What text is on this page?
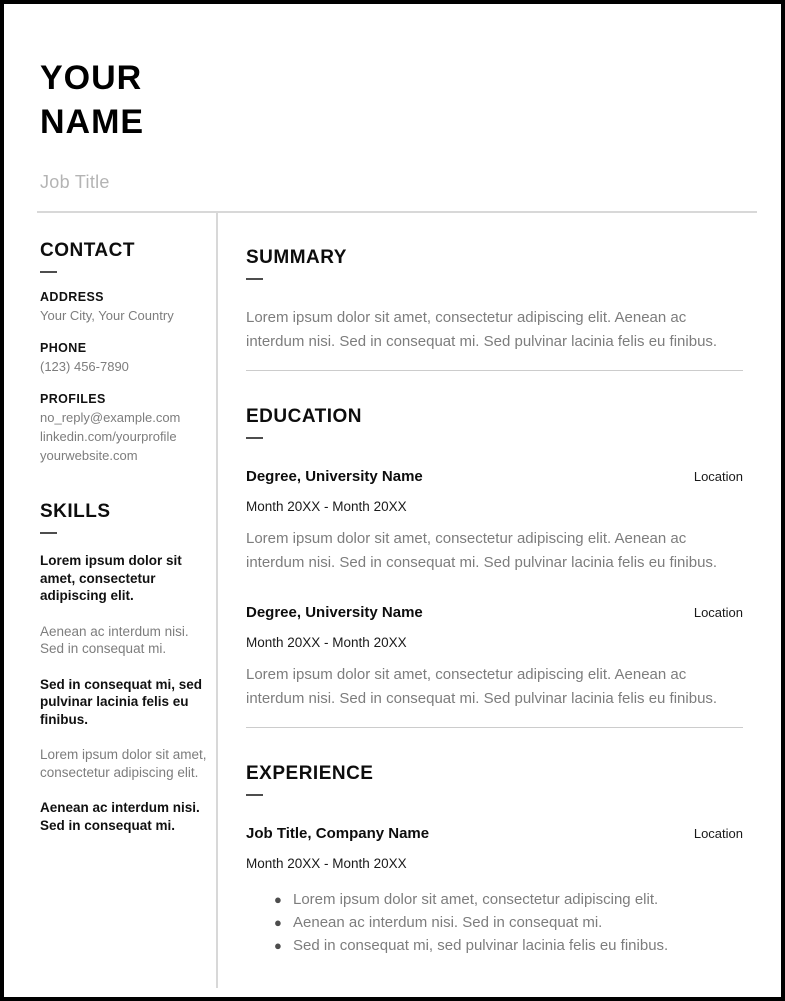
YOUR NAME
Job Title
CONTACT
ADDRESS
Your City, Your Country
PHONE
(123) 456-7890
PROFILES
no_reply@example.com
linkedin.com/yourprofile
yourwebsite.com
SKILLS
Lorem ipsum dolor sit amet, consectetur adipiscing elit.
Aenean ac interdum nisi. Sed in consequat mi.
Sed in consequat mi, sed pulvinar lacinia felis eu finibus.
Lorem ipsum dolor sit amet, consectetur adipiscing elit.
Aenean ac interdum nisi. Sed in consequat mi.
SUMMARY

Lorem ipsum dolor sit amet, consectetur adipiscing elit. Aenean ac interdum nisi. Sed in consequat mi. Sed pulvinar lacinia felis eu finibus.

EDUCATION
Degree, University Name	Location
Month 20XX - Month 20XX

Lorem ipsum dolor sit amet, consectetur adipiscing elit. Aenean ac interdum nisi. Sed in consequat mi. Sed pulvinar lacinia felis eu finibus.

Degree, University Name	Location
Month 20XX - Month 20XX

Lorem ipsum dolor sit amet, consectetur adipiscing elit. Aenean ac interdum nisi. Sed in consequat mi. Sed pulvinar lacinia felis eu finibus.

EXPERIENCE
Job Title, Company Name	Location
Month 20XX - Month 20XX
● Lorem ipsum dolor sit amet, consectetur adipiscing elit.
● Aenean ac interdum nisi. Sed in consequat mi.
● Sed in consequat mi, sed pulvinar lacinia felis eu finibus.
